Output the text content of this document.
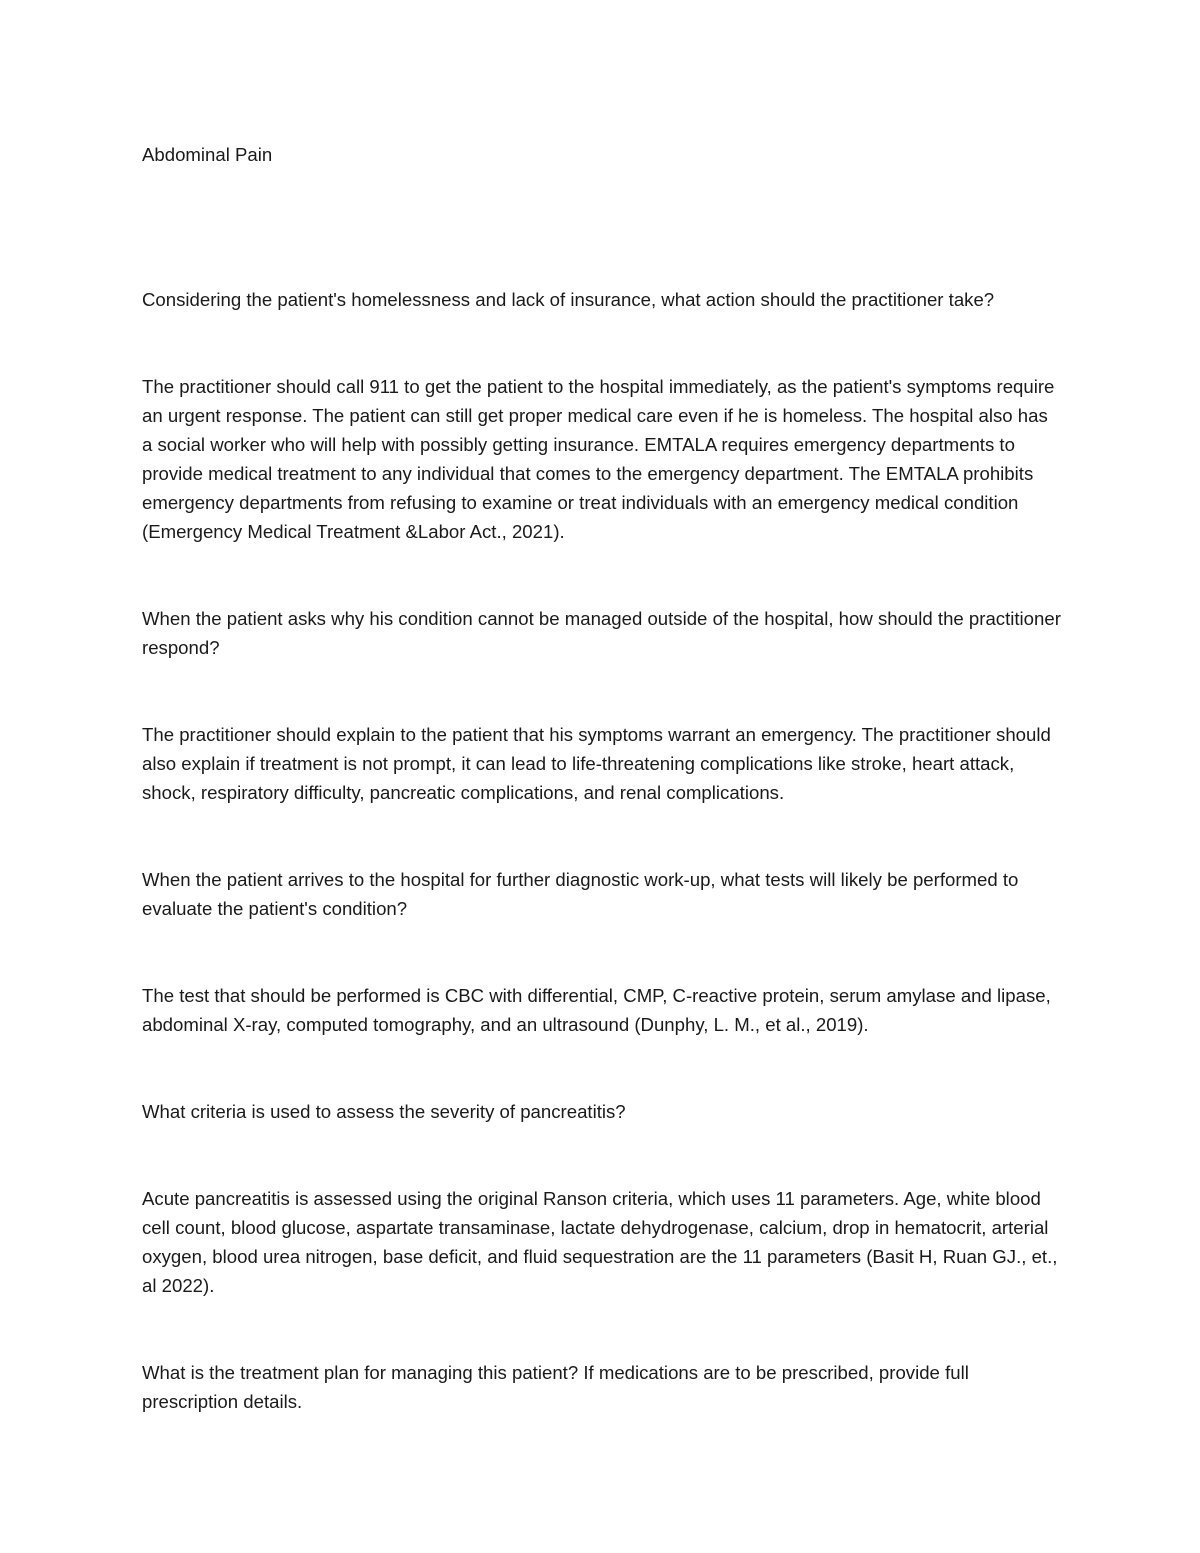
Abdominal Pain

Considering the patient's homelessness and lack of insurance, what action should the practitioner take?

The practitioner should call 911 to get the patient to the hospital immediately, as the patient's symptoms require an urgent response. The patient can still get proper medical care even if he is homeless. The hospital also has a social worker who will help with possibly getting insurance. EMTALA requires emergency departments to provide medical treatment to any individual that comes to the emergency department. The EMTALA prohibits emergency departments from refusing to examine or treat individuals with an emergency medical condition (Emergency Medical Treatment &Labor Act., 2021).

When the patient asks why his condition cannot be managed outside of the hospital, how should the practitioner respond?

The practitioner should explain to the patient that his symptoms warrant an emergency. The practitioner should also explain if treatment is not prompt, it can lead to life-threatening complications like stroke, heart attack, shock, respiratory difficulty, pancreatic complications, and renal complications.

When the patient arrives to the hospital for further diagnostic work-up, what tests will likely be performed to evaluate the patient's condition?

The test that should be performed is CBC with differential, CMP, C-reactive protein, serum amylase and lipase, abdominal X-ray, computed tomography, and an ultrasound (Dunphy, L. M., et al., 2019).

What criteria is used to assess the severity of pancreatitis?

Acute pancreatitis is assessed using the original Ranson criteria, which uses 11 parameters. Age, white blood cell count, blood glucose, aspartate transaminase, lactate dehydrogenase, calcium, drop in hematocrit, arterial oxygen, blood urea nitrogen, base deficit, and fluid sequestration are the 11 parameters (Basit H, Ruan GJ., et., al 2022).

What is the treatment plan for managing this patient? If medications are to be prescribed, provide full prescription details.
